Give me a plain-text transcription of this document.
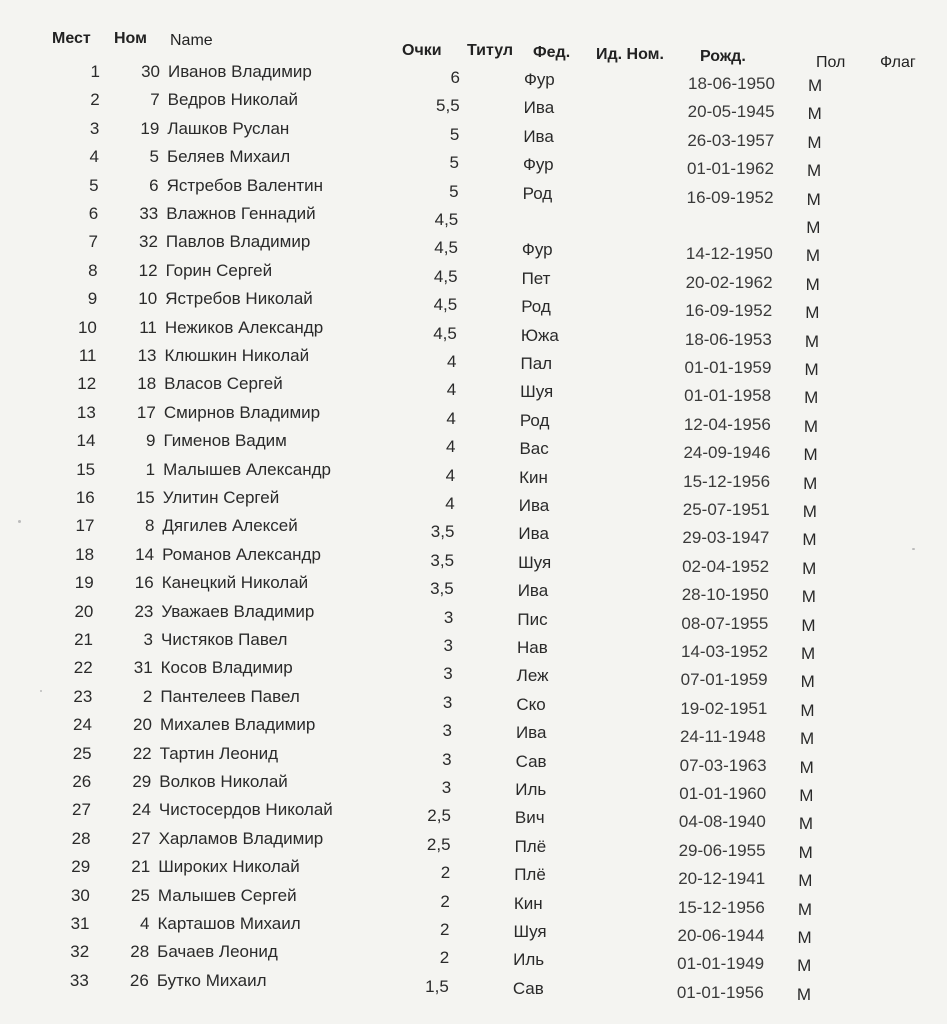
Мест Ном Name
Очки Титул Фед. Ид. Ном. Рожд.	Пол Флаг
1	30 Иванов Владимир	6	Фур	18-06-1950 М
2	7 Ведров Николай	5,5	Ива	20-05-1945 М
3	19 Лашков Руслан	5	Ива	26-03-1957 М
4	5 Беляев Михаил	5	Фур	01-01-1962 М
5	6 Ястребов Валентин	5	Род	16-09-1952 М
6	33 Влажнов Геннадий	4,5	М
7	32 Павлов Владимир	4,5	Фур	14-12-1950 М
8	12 Горин Сергей	4,5	Пет	20-02-1962 М
9	10 Ястребов Николай	4,5	Род	16-09-1952 М
10	11 Нежиков Александр	4,5	Южа	18-06-1953 М
11	13 Клюшкин Николай	4	Пал	01-01-1959 М
12	18 Власов Сергей	4	Шуя	01-01-1958 М
13	17 Смирнов Владимир	4	Род	12-04-1956 М
14	9 Гименов Вадим	4	Вас	24-09-1946 М
15	1 Малышев Александр	4	Кин	15-12-1956 М
16	15 Улитин Сергей	4	Ива	25-07-1951 М
17	8 Дягилев Алексей	3,5	Ива	29-03-1947 М
18	14 Романов Александр	3,5	Шуя	02-04-1952 М
19	16 Канецкий Николай	3,5	Ива	28-10-1950 М
20	23 Уважаев Владимир	3	Пис	08-07-1955 М
21	3 Чистяков Павел	3	Нав	14-03-1952 М
22	31 Косов Владимир	3	Леж	07-01-1959 М
23	2 Пантелеев Павел	3	Ско	19-02-1951 М
24	20 Михалев Владимир	3	Ива	24-11-1948 М
25	22 Тартин Леонид	3	Сав	07-03-1963 М
26	29 Волков Николай	3	Иль	01-01-1960 М
27	24 Чистосердов Николай	2,5	Вич	04-08-1940 М
28	27 Харламов Владимир	2,5	Плё	29-06-1955 М
29	21 Широких Николай	2	Плё	20-12-1941 М
30	25 Малышев Сергей	2	Кин	15-12-1956 М
31	4 Карташов Михаил	2	Шуя	20-06-1944 М
32	28 Бачаев Леонид	2	Иль	01-01-1949 М
33	26 Бутко Михаил	1,5	Сав	01-01-1956 М
